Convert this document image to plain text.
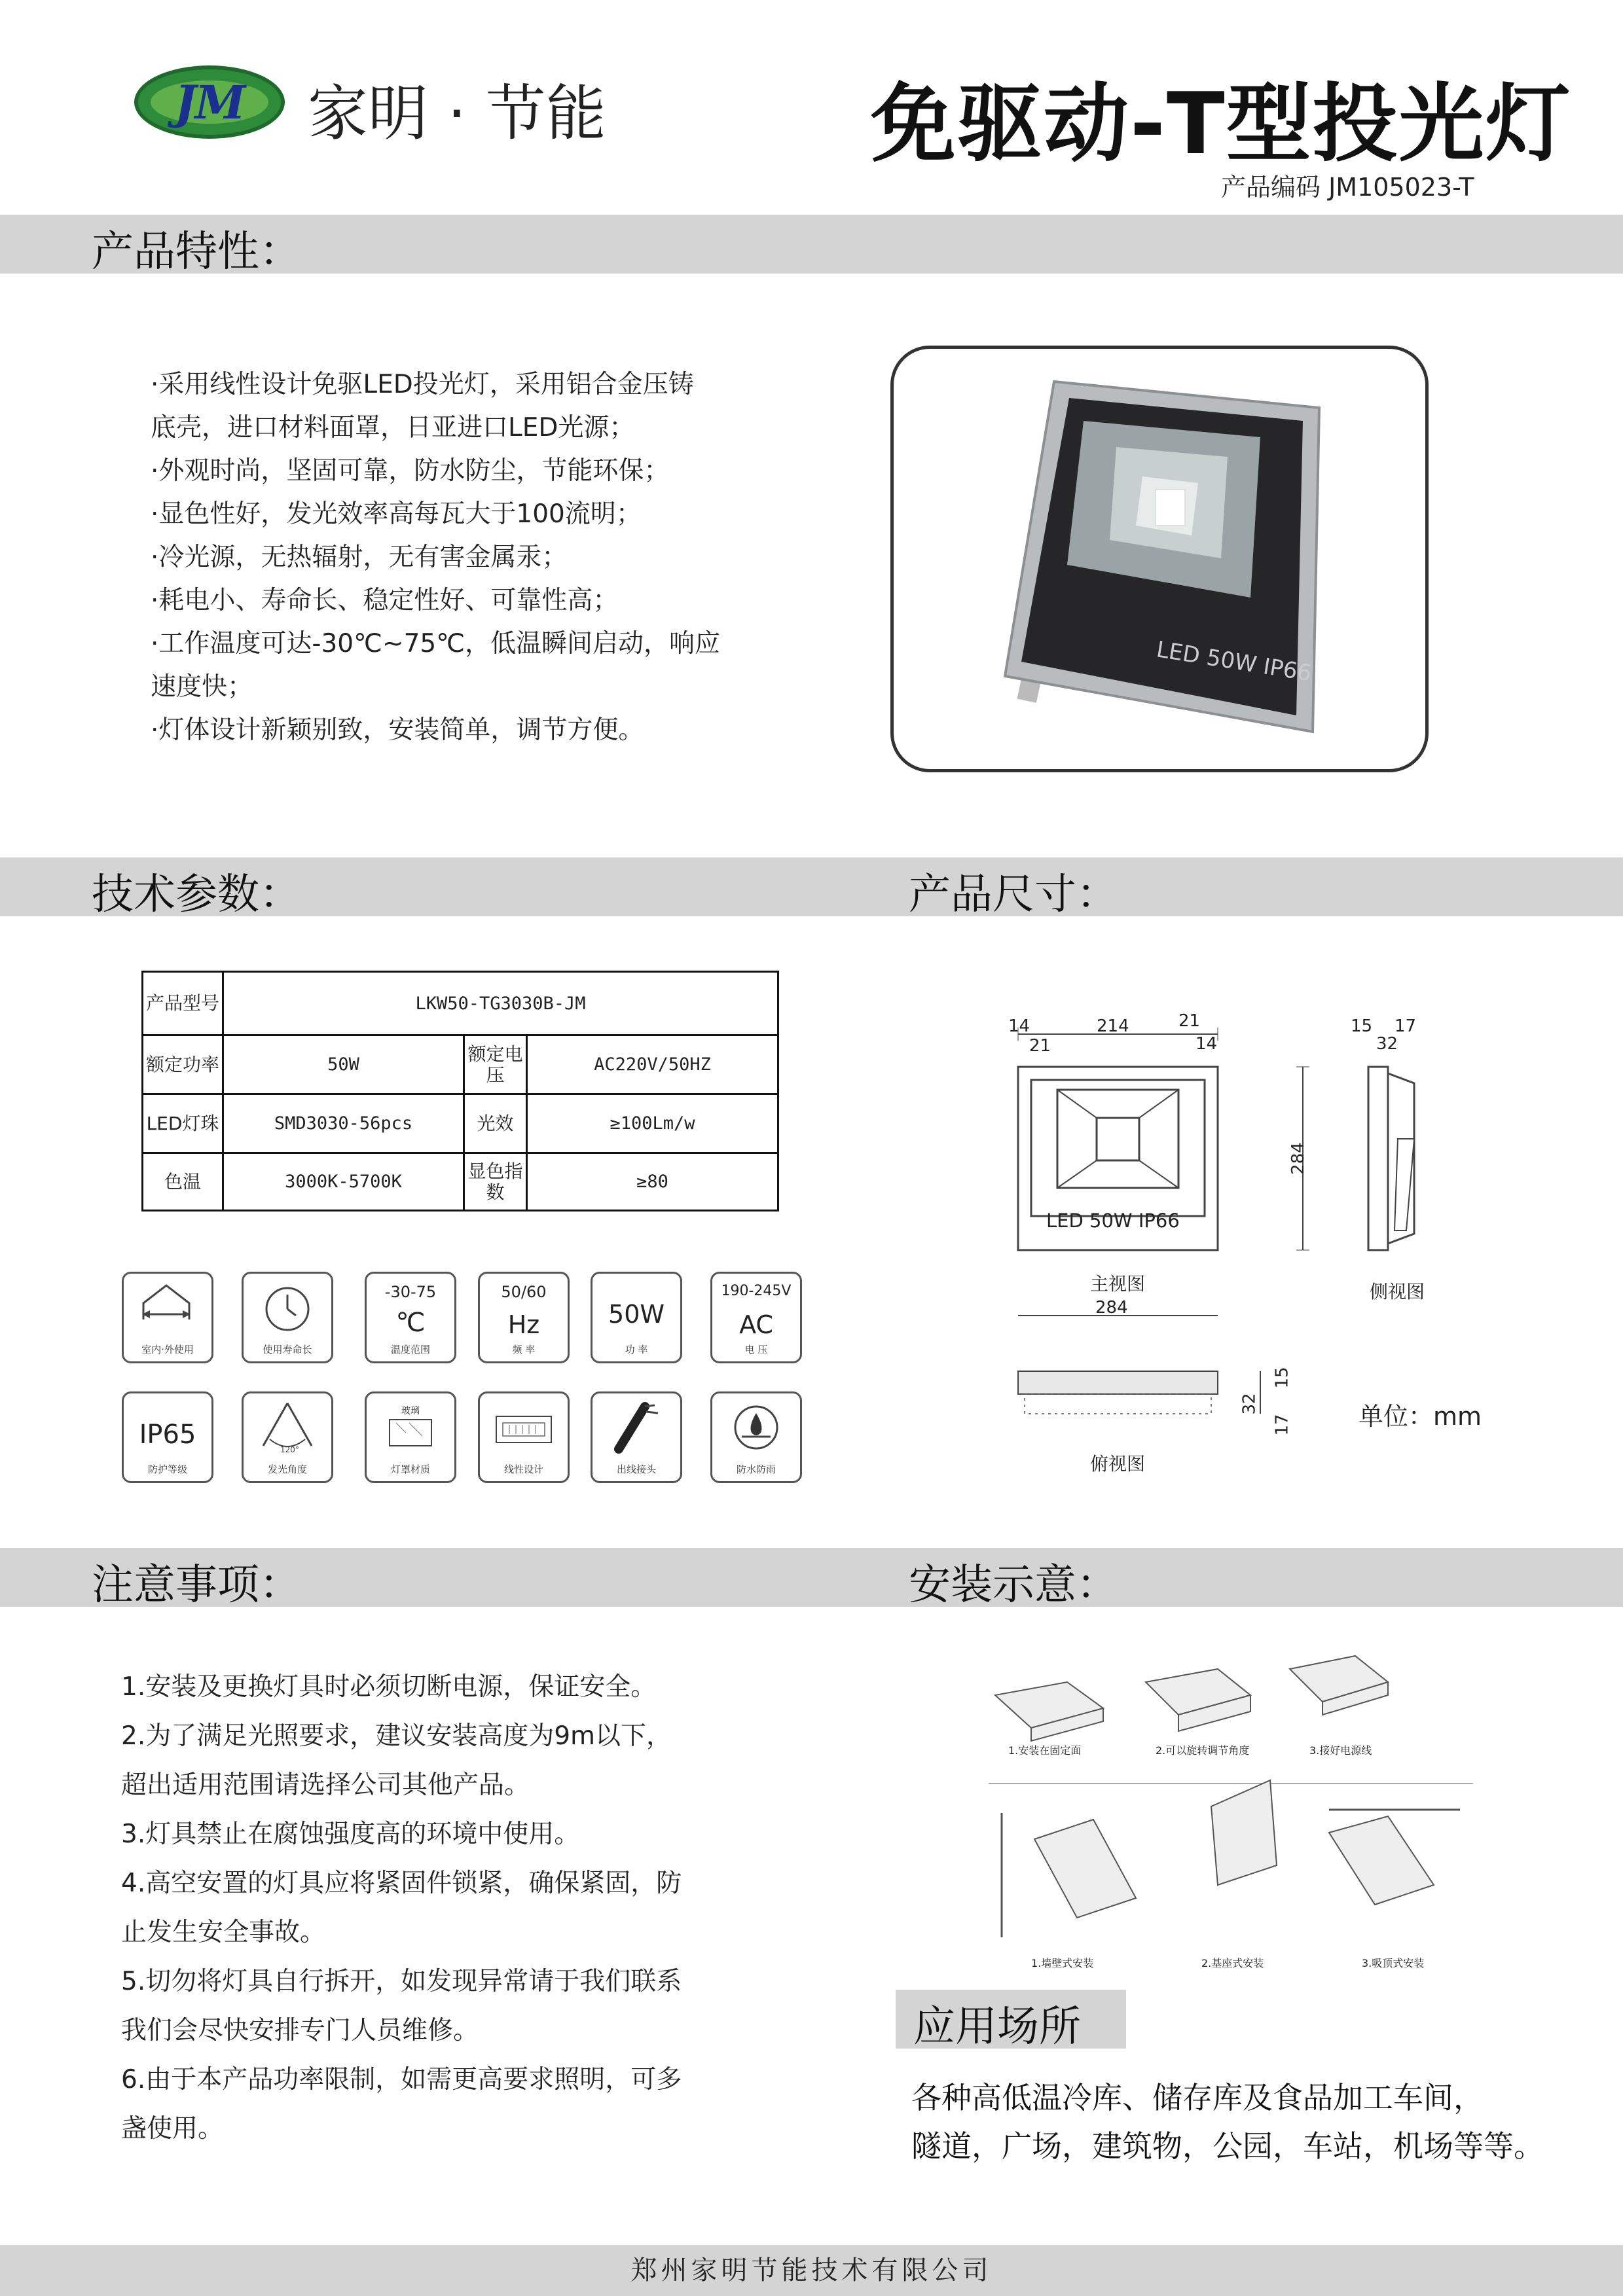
JM 家明 · 节能	免驱动-T型投光灯
产品编码 JM105023-T
产品特性：
·采用线性设计免驱LED投光灯，采用铝合金压铸
底壳，进口材料面罩，日亚进口LED光源；
·外观时尚，坚固可靠，防水防尘，节能环保；
·显色性好，发光效率高每瓦大于100流明；
·冷光源，无热辐射，无有害金属汞；
·耗电小、寿命长、稳定性好、可靠性高；
·工作温度可达-30℃~75℃，低温瞬间启动，响应
速度快；
·灯体设计新颖别致，安装简单，调节方便。
LED 50W IP66
技术参数：	产品尺寸：
产品型号	LKW50-TG3030B-JM		
额定功率	50W	额定电压	AC220V/50HZ
LED灯珠	SMD3030-56pcs	光效	≥100Lm/w
色温	3000K-5700K	显色指数	≥80
室内·外使用	使用寿命长
-30-75
℃
温度范围
50/60
Hz
频 率
50W
功 率
190-245V
AC
电 压
IP65
防护等级
120°
发光角度
玻璃
灯罩材质	线性设计	出线接头	防水防雨
14	214	21
21	14
284
LED 50W IP66
主视图
15 17
32
侧视图
284
俯视图
32
15
17	单位：mm
注意事项：	安装示意：
1.安装及更换灯具时必须切断电源，保证安全。
2.为了满足光照要求，建议安装高度为9m以下，
超出适用范围请选择公司其他产品。
3.灯具禁止在腐蚀强度高的环境中使用。
4.高空安置的灯具应将紧固件锁紧，确保紧固，防
止发生安全事故。
5.切勿将灯具自行拆开，如发现异常请于我们联系
我们会尽快安排专门人员维修。
6.由于本产品功率限制，如需更高要求照明，可多
盏使用。
1.安装在固定面	2.可以旋转调节角度	3.接好电源线
1.墙壁式安装	2.基座式安装	3.吸顶式安装
应用场所
各种高低温冷库、储存库及食品加工车间，
隧道，广场，建筑物，公园，车站，机场等等。
郑州家明节能技术有限公司
